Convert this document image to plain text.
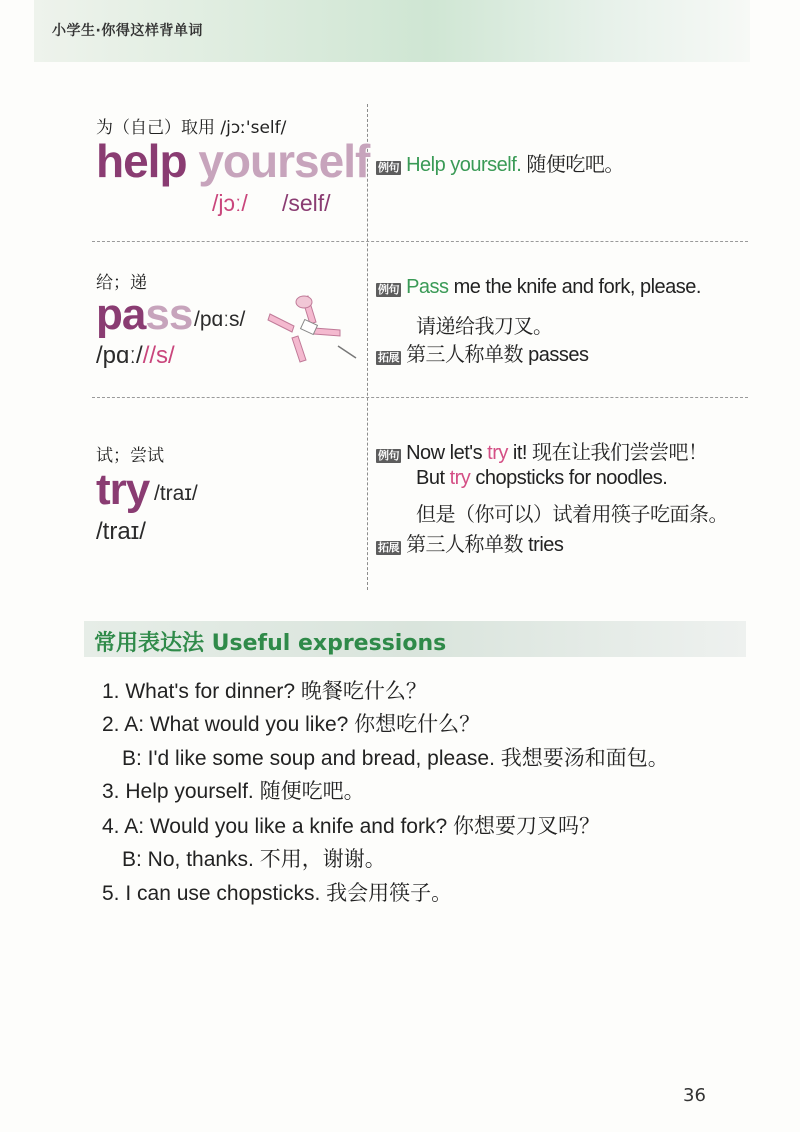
小学生·你得这样背单词
为（自己）取用 /jɔː'self/
help yourself
/jɔː/ /self/
例句 Help yourself. 随便吃吧。
给；递
pass /pɑːs/
/pɑː///s/
例句 Pass me the knife and fork, please.
请递给我刀叉。
拓展 第三人称单数 passes
试；尝试
try /traɪ/
/traɪ/
例句 Now let's try it! 现在让我们尝尝吧！
But try chopsticks for noodles.
但是（你可以）试着用筷子吃面条。
拓展 第三人称单数 tries
常用表达法 Useful expressions
1. What's for dinner? 晚餐吃什么？
2. A: What would you like? 你想吃什么？
B: I'd like some soup and bread, please. 我想要汤和面包。
3. Help yourself. 随便吃吧。
4. A: Would you like a knife and fork? 你想要刀叉吗？
B: No, thanks. 不用，谢谢。
5. I can use chopsticks. 我会用筷子。
36
